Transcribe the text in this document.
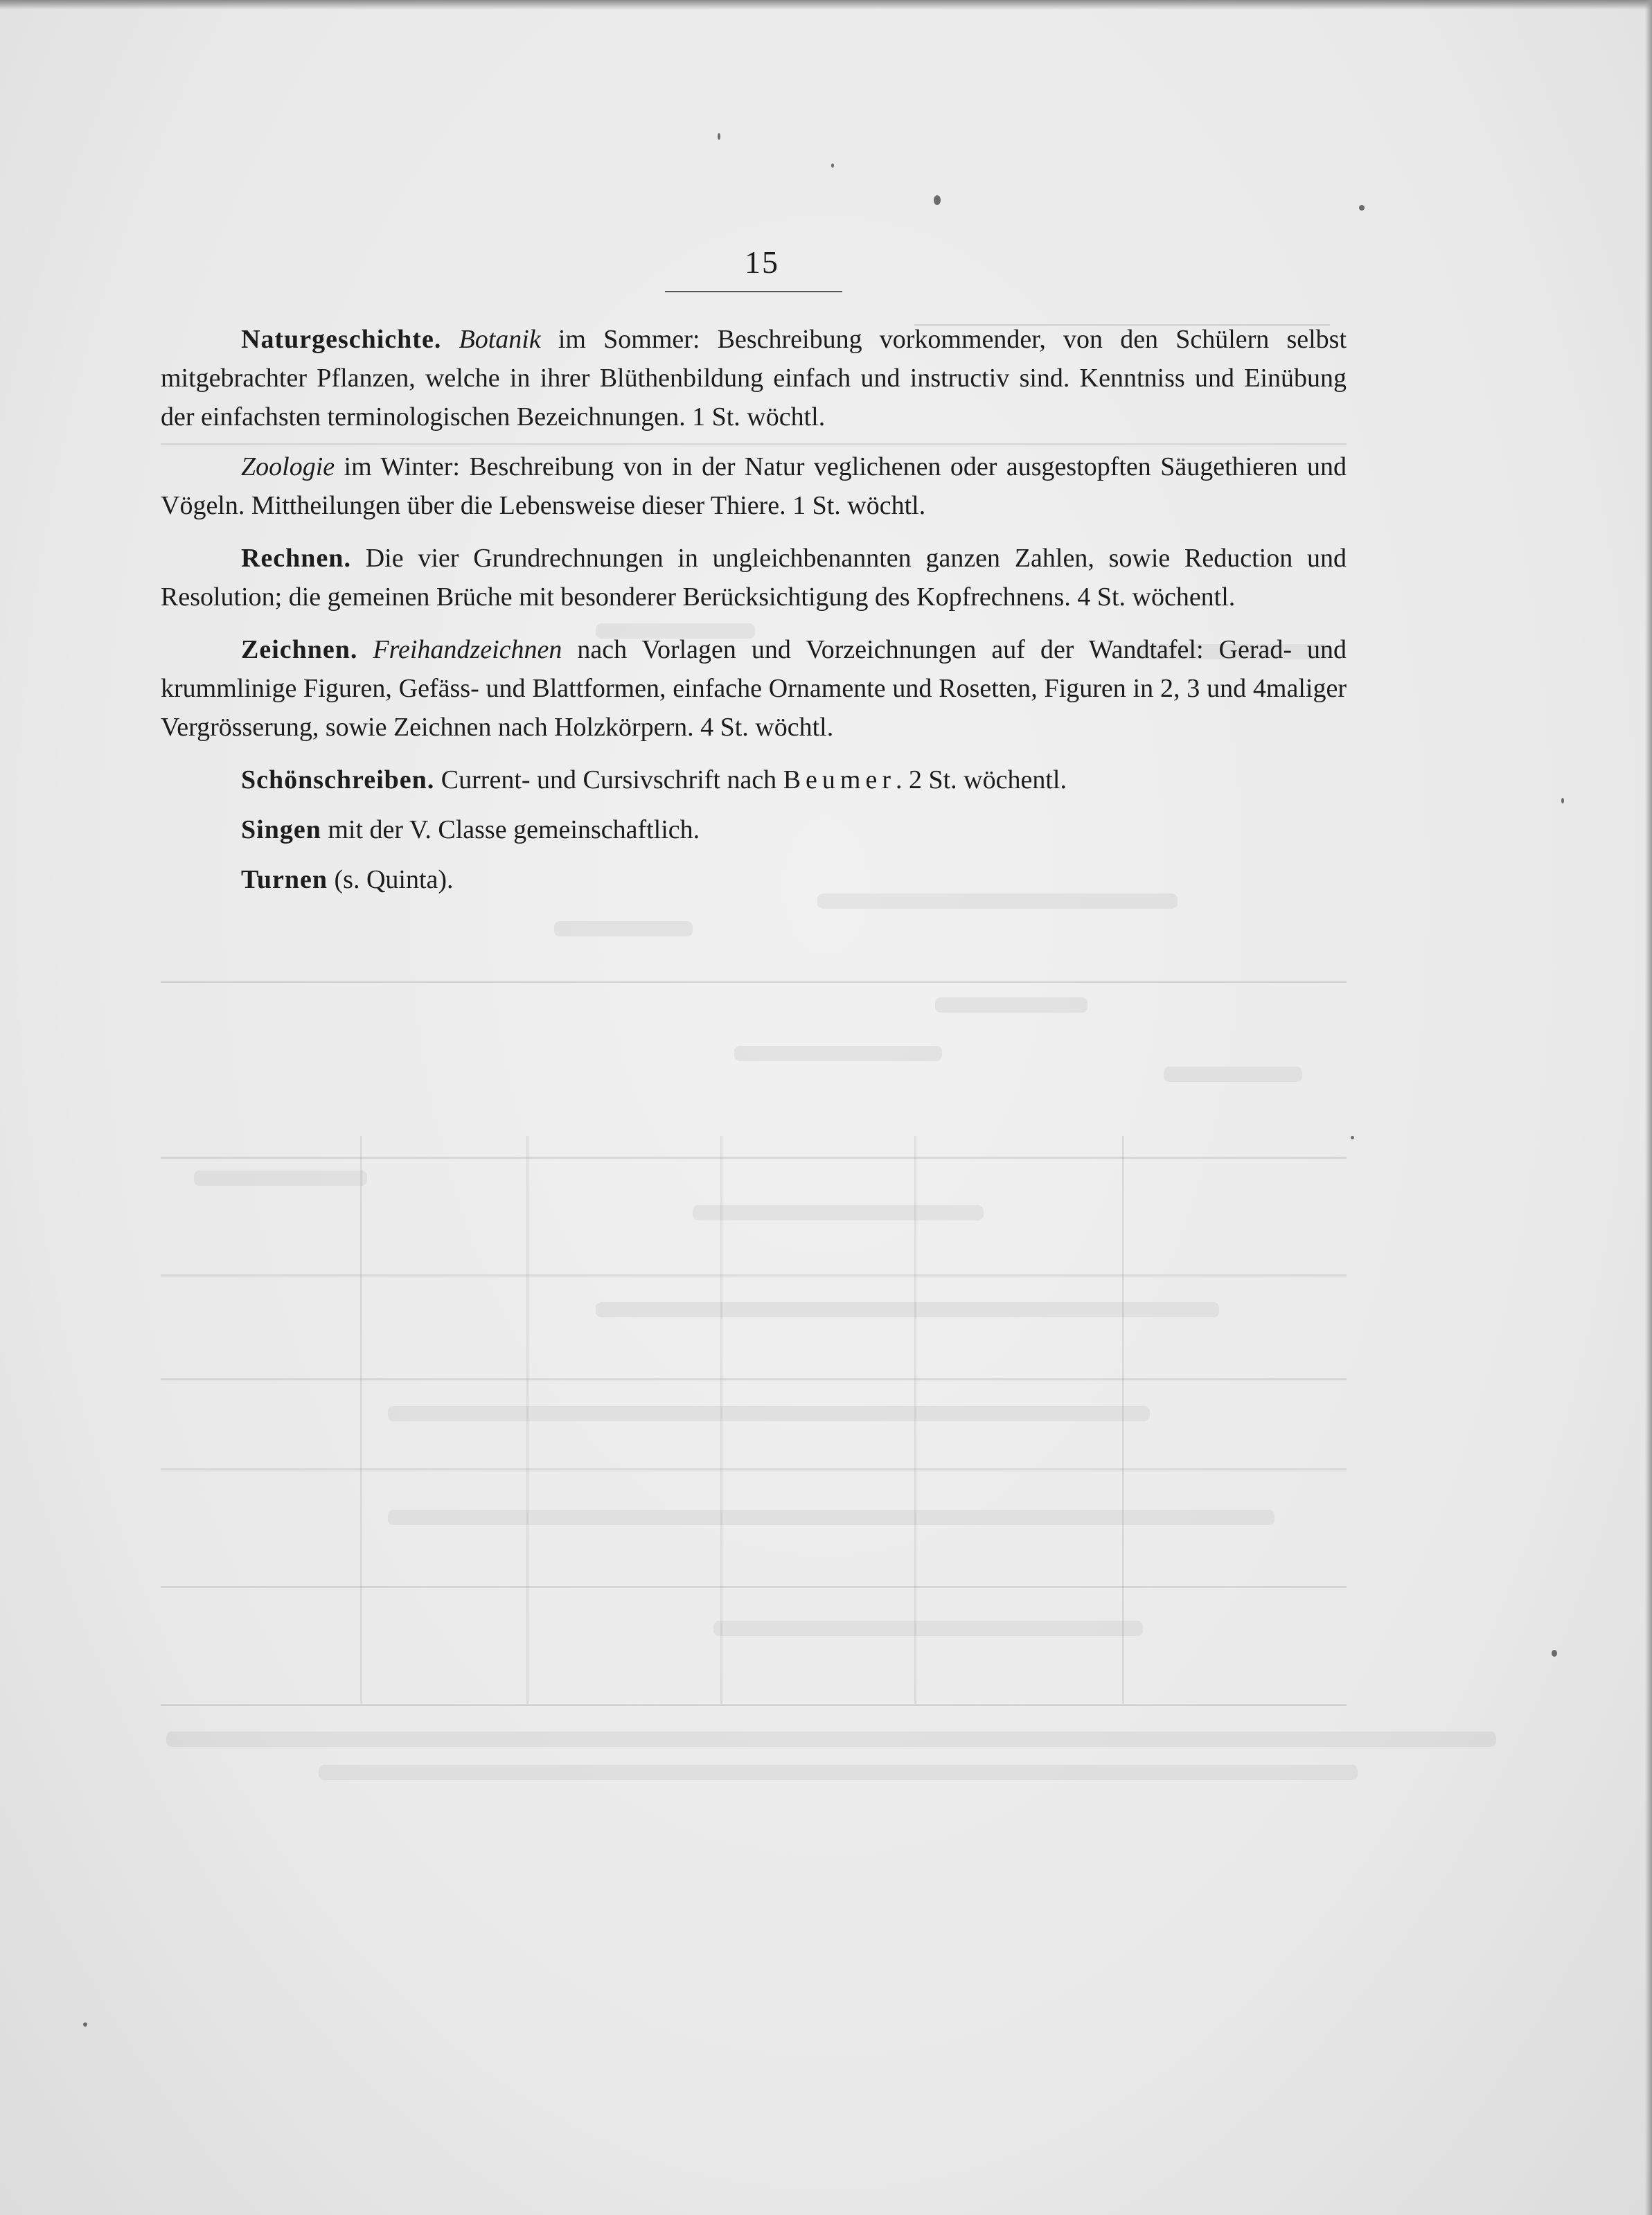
15

Naturgeschichte. Botanik im Sommer: Beschreibung vorkommender, von den Schülern selbst mitgebrachter Pflanzen, welche in ihrer Blüthenbildung einfach und instructiv sind. Kenntniss und Einübung der einfachsten terminologischen Bezeichnungen. 1 St. wöchtl.

Zoologie im Winter: Beschreibung von in der Natur veglichenen oder ausgestopften Säugethieren und Vögeln. Mittheilungen über die Lebensweise dieser Thiere. 1 St. wöchtl.

Rechnen. Die vier Grundrechnungen in ungleichbenannten ganzen Zahlen, sowie Reduction und Resolution; die gemeinen Brüche mit besonderer Berücksichtigung des Kopfrechnens. 4 St. wöchentl.

Zeichnen. Freihandzeichnen nach Vorlagen und Vorzeichnungen auf der Wandtafel: Gerad- und krummlinige Figuren, Gefäss- und Blattformen, einfache Ornamente und Rosetten, Figuren in 2, 3 und 4maliger Vergrösserung, sowie Zeichnen nach Holzkörpern. 4 St. wöchtl.

Schönschreiben. Current- und Cursivschrift nach Beumer. 2 St. wöchentl.

Singen mit der V. Classe gemeinschaftlich.

Turnen (s. Quinta).
